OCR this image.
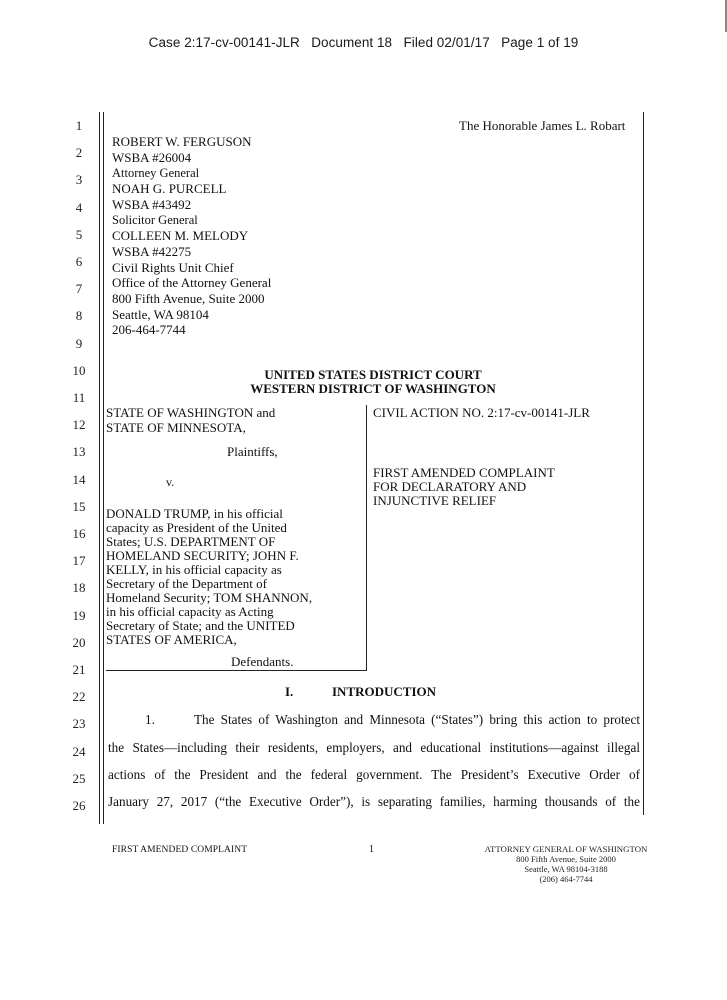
Case 2:17-cv-00141-JLR   Document 18   Filed 02/01/17   Page 1 of 19
1
2
3
4
5
6
7
8
9
10
11
12
13
14
15
16
17
18
19
20
21
22
23
24
25
26
The Honorable James L. Robart
ROBERT W. FERGUSON
WSBA #26004
Attorney General
NOAH G. PURCELL
WSBA #43492
Solicitor General
COLLEEN M. MELODY
WSBA #42275
Civil Rights Unit Chief
Office of the Attorney General
800 Fifth Avenue, Suite 2000
Seattle, WA 98104
206-464-7744
UNITED STATES DISTRICT COURT
WESTERN DISTRICT OF WASHINGTON
STATE OF WASHINGTON and
STATE OF MINNESOTA,
Plaintiffs,
v.
DONALD TRUMP, in his official
capacity as President of the United
States; U.S. DEPARTMENT OF
HOMELAND SECURITY; JOHN F.
KELLY, in his official capacity as
Secretary of the Department of
Homeland Security; TOM SHANNON,
in his official capacity as Acting
Secretary of State; and the UNITED
STATES OF AMERICA,
Defendants.
CIVIL ACTION NO. 2:17-cv-00141-JLR
FIRST AMENDED COMPLAINT
FOR DECLARATORY AND
INJUNCTIVE RELIEF
I.	INTRODUCTION
1.	The States of Washington and Minnesota (“States”) bring this action to protect
the States—including their residents, employers, and educational institutions—against illegal
actions of the President and the federal government. The President’s Executive Order of
January 27, 2017 (“the Executive Order”), is separating families, harming thousands of the
FIRST AMENDED COMPLAINT	1	ATTORNEY GENERAL OF WASHINGTON
800 Fifth Avenue, Suite 2000
Seattle, WA 98104-3188
(206) 464-7744
